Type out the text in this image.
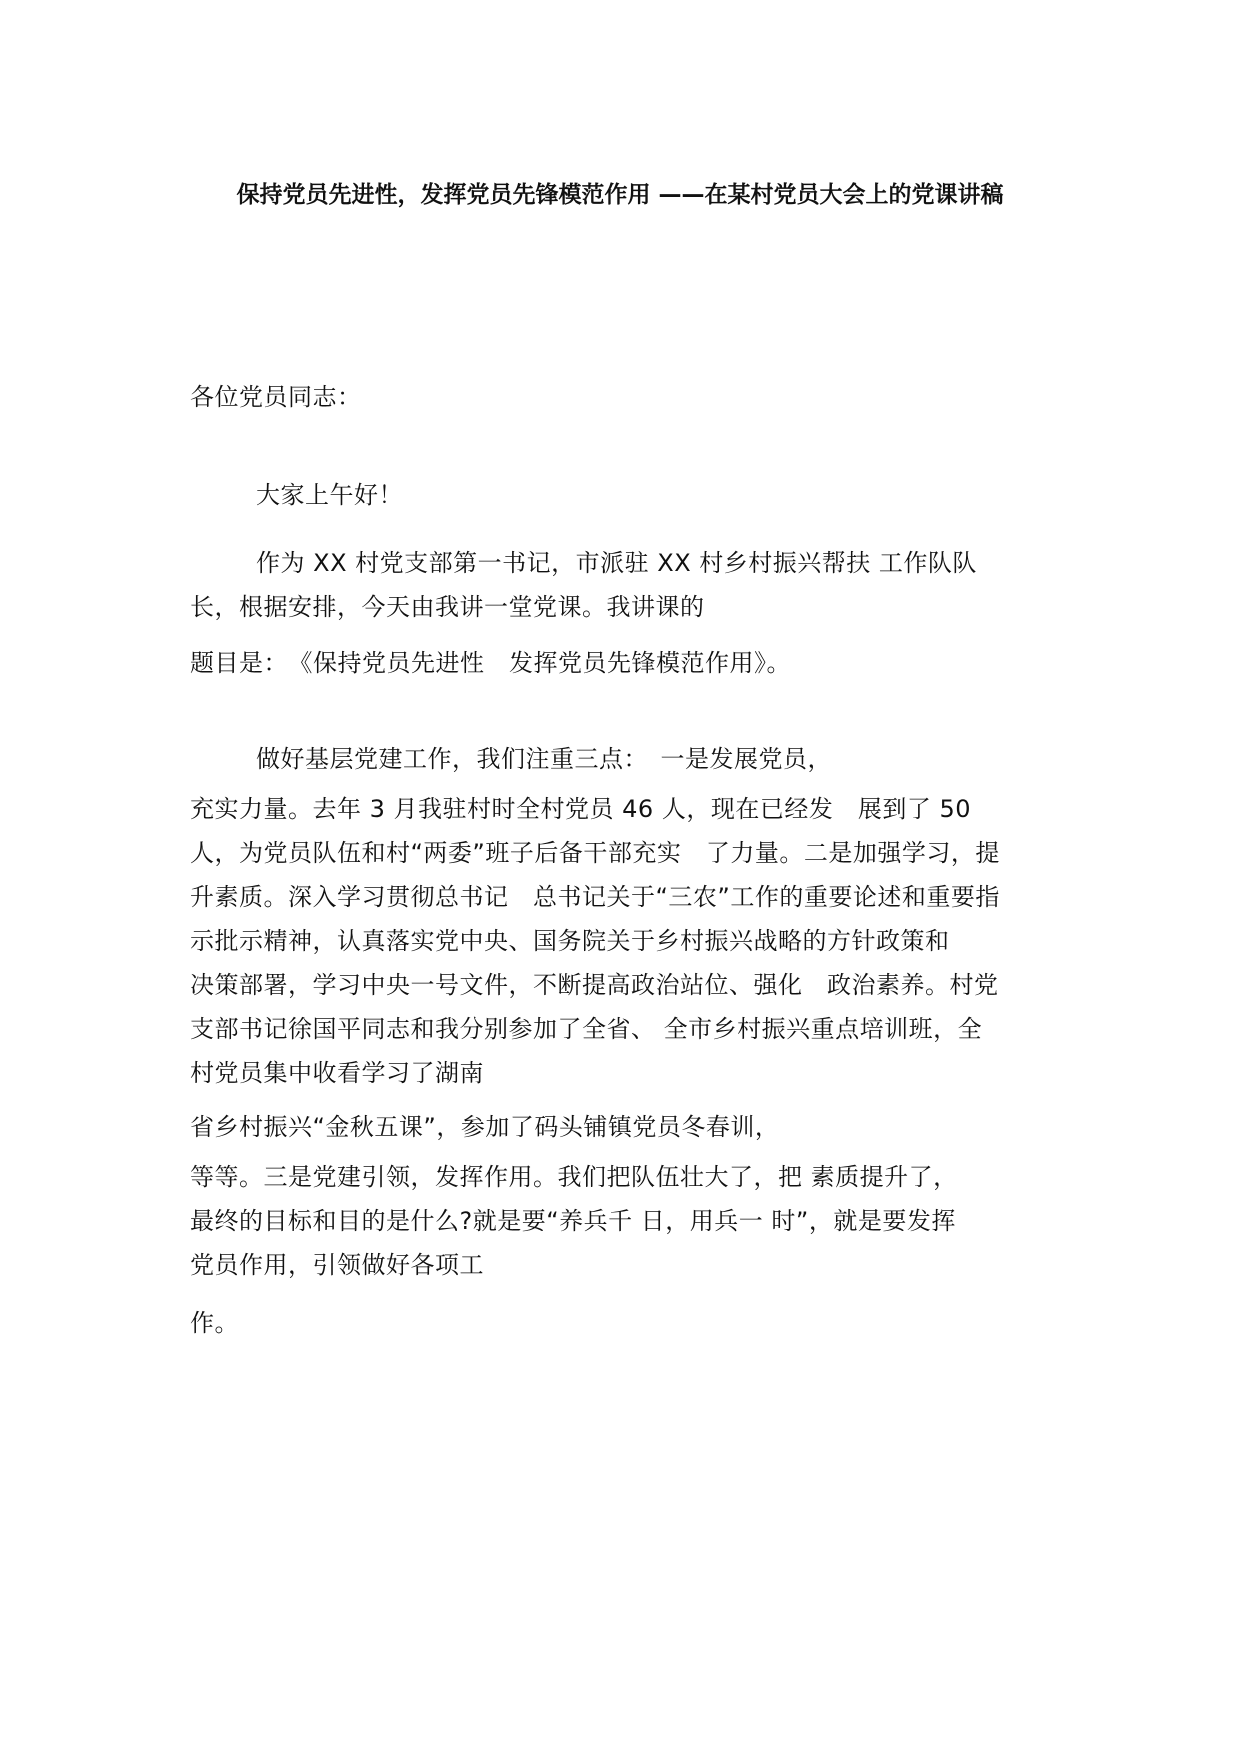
保持党员先进性，发挥党员先锋模范作用 ——在某村党员大会上的党课讲稿
各位党员同志：
大家上午好！
作为 XX 村党支部第一书记，市派驻 XX 村乡村振兴帮扶 工作队队
长，根据安排，今天由我讲一堂党课。我讲课的
题目是：　《保持党员先进性　发挥党员先锋模范作用》。
做好基层党建工作，我们注重三点：　一是发展党员，
充实力量。去年 3 月我驻村时全村党员 46 人，现在已经发　展到了 50
人，为党员队伍和村“两委”班子后备干部充实　了力量。二是加强学习，提
升素质。深入学习贯彻总书记　总书记关于“三农”工作的重要论述和重要指
示批示精神，认真落实党中央、国务院关于乡村振兴战略的方针政策和
决策部署，学习中央一号文件，不断提高政治站位、强化　政治素养。村党
支部书记徐国平同志和我分别参加了全省、 全市乡村振兴重点培训班，全
村党员集中收看学习了湖南
省乡村振兴“金秋五课”，参加了码头铺镇党员冬春训，
等等。三是党建引领，发挥作用。我们把队伍壮大了，把 素质提升了，
最终的目标和目的是什么?就是要“养兵千 日，用兵一 时”，就是要发挥
党员作用，引领做好各项工
作。
